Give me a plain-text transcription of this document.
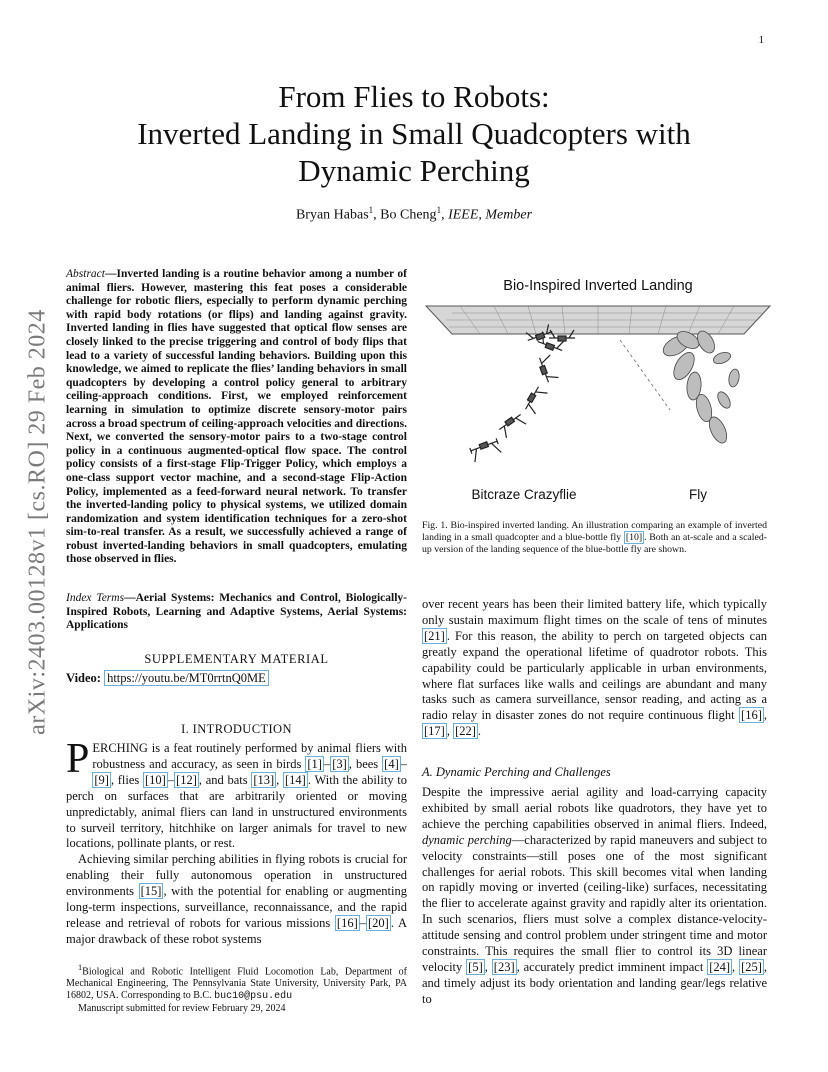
1
From Flies to Robots:
Inverted Landing in Small Quadcopters with
Dynamic Perching
Bryan Habas$^1$, Bo Cheng$^1$, IEEE, Member
arXiv:2403.00128v1 [cs.RO] 29 Feb 2024
Abstract—Inverted landing is a routine behavior among a number of animal fliers. However, mastering this feat poses a considerable challenge for robotic fliers, especially to perform dynamic perching with rapid body rotations (or flips) and landing against gravity. Inverted landing in flies have suggested that optical flow senses are closely linked to the precise triggering and control of body flips that lead to a variety of successful landing behaviors. Building upon this knowledge, we aimed to replicate the flies’ landing behaviors in small quadcopters by developing a control policy general to arbitrary ceiling-approach conditions. First, we employed reinforcement learning in simulation to optimize discrete sensory-motor pairs across a broad spectrum of ceiling-approach velocities and directions. Next, we converted the sensory-motor pairs to a two-stage control policy in a continuous augmented-optical flow space. The control policy consists of a first-stage Flip-Trigger Policy, which employs a one-class support vector machine, and a second-stage Flip-Action Policy, implemented as a feed-forward neural network. To transfer the inverted-landing policy to physical systems, we utilized domain randomization and system identification techniques for a zero-shot sim-to-real transfer. As a result, we successfully achieved a range of robust inverted-landing behaviors in small quadcopters, emulating those observed in flies.
Index Terms—Aerial Systems: Mechanics and Control, Biologically-Inspired Robots, Learning and Adaptive Systems, Aerial Systems: Applications
SUPPLEMENTARY MATERIAL
Video: https://youtu.be/MT0rrtnQ0ME
I. INTRODUCTION
PERCHING is a feat routinely performed by animal fliers with robustness and accuracy, as seen in birds [1] – [3] , bees [4] –[9] , flies [10] – [12] , and bats [13] , [14] . With the ability to perch on surfaces that are arbitrarily oriented or moving unpredictably, animal fliers can land in unstructured environments to surveil territory, hitchhike on larger animals for travel to new locations, pollinate plants, or rest.
Achieving similar perching abilities in flying robots is crucial for enabling their fully autonomous operation in unstructured environments [15] , with the potential for enabling or augmenting long-term inspections, surveillance, reconnaissance, and the rapid release and retrieval of robots for various missions [16] – [20] . A major drawback of these robot systems
$^1$Biological and Robotic Intelligent Fluid Locomotion Lab, Department of Mechanical Engineering, The Pennsylvania State University, University Park, PA 16802, USA. Corresponding to B.C. buc10@psu.edu
Manuscript submitted for review February 29, 2024
Bio-Inspired Inverted Landing
Bitcraze Crazyflie	Fly
Fig. 1. Bio-inspired inverted landing. An illustration comparing an example of inverted landing in a small quadcopter and a blue-bottle fly [10] . Both an at-scale and a scaled-up version of the landing sequence of the blue-bottle fly are shown.
over recent years has been their limited battery life, which typically only sustain maximum flight times on the scale of tens of minutes [21] . For this reason, the ability to perch on targeted objects can greatly expand the operational lifetime of quadrotor robots. This capability could be particularly applicable in urban environments, where flat surfaces like walls and ceilings are abundant and many tasks such as camera surveillance, sensor reading, and acting as a radio relay in disaster zones do not require continuous flight [16] , [17] , [22] .
A. Dynamic Perching and Challenges
Despite the impressive aerial agility and load-carrying capacity exhibited by small aerial robots like quadrotors, they have yet to achieve the perching capabilities observed in animal fliers. Indeed, dynamic perching—characterized by rapid maneuvers and subject to velocity constraints—still poses one of the most significant challenges for aerial robots. This skill becomes vital when landing on rapidly moving or inverted (ceiling-like) surfaces, necessitating the flier to accelerate against gravity and rapidly alter its orientation. In such scenarios, fliers must solve a complex distance-velocity-attitude sensing and control problem under stringent time and motor constraints. This requires the small flier to control its 3D linear velocity [5] , [23] , accurately predict imminent impact [24] , [25] , and timely adjust its body orientation and landing gear/legs relative to
